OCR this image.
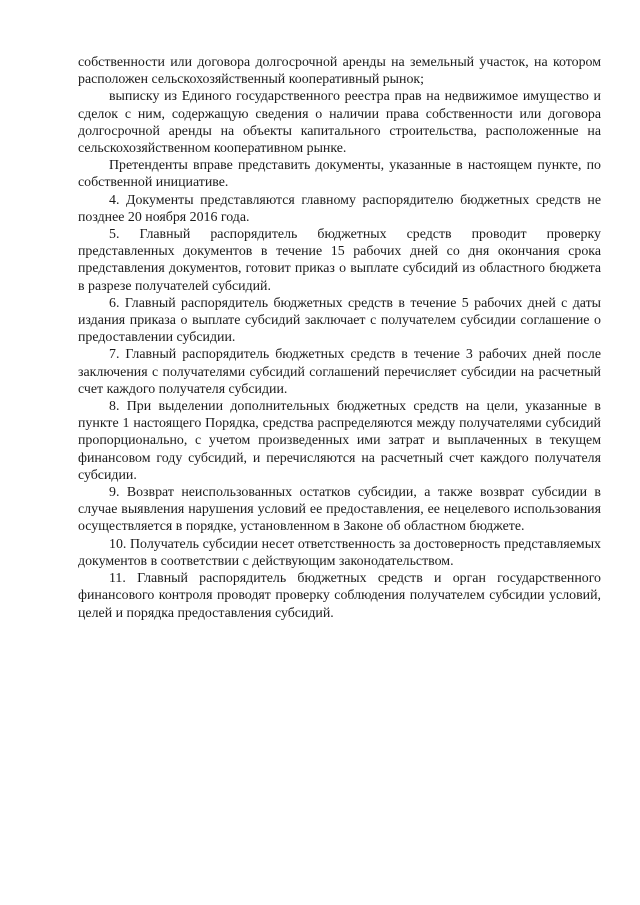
собственности или договора долгосрочной аренды на земельный участок, на котором расположен сельскохозяйственный кооперативный рынок;

выписку из Единого государственного реестра прав на недвижимое имущество и сделок с ним, содержащую сведения о наличии права собственности или договора долгосрочной аренды на объекты капитального строительства, расположенные на сельскохозяйственном кооперативном рынке.

Претенденты вправе представить документы, указанные в настоящем пункте, по собственной инициативе.

4. Документы представляются главному распорядителю бюджетных средств не позднее 20 ноября 2016 года.

5. Главный распорядитель бюджетных средств проводит проверку представленных документов в течение 15 рабочих дней со дня окончания срока представления документов, готовит приказ о выплате субсидий из областного бюджета в разрезе получателей субсидий.

6. Главный распорядитель бюджетных средств в течение 5 рабочих дней с даты издания приказа о выплате субсидий заключает с получателем субсидии соглашение о предоставлении субсидии.

7. Главный распорядитель бюджетных средств в течение 3 рабочих дней после заключения с получателями субсидий соглашений перечисляет субсидии на расчетный счет каждого получателя субсидии.

8. При выделении дополнительных бюджетных средств на цели, указанные в пункте 1 настоящего Порядка, средства распределяются между получателями субсидий пропорционально, с учетом произведенных ими затрат и выплаченных в текущем финансовом году субсидий, и перечисляются на расчетный счет каждого получателя субсидии.

9. Возврат неиспользованных остатков субсидии, а также возврат субсидии в случае выявления нарушения условий ее предоставления, ее нецелевого использования осуществляется в порядке, установленном в Законе об областном бюджете.

10. Получатель субсидии несет ответственность за достоверность представляемых документов в соответствии с действующим законодательством.

11. Главный распорядитель бюджетных средств и орган государственного финансового контроля проводят проверку соблюдения получателем субсидии условий, целей и порядка предоставления субсидий.
